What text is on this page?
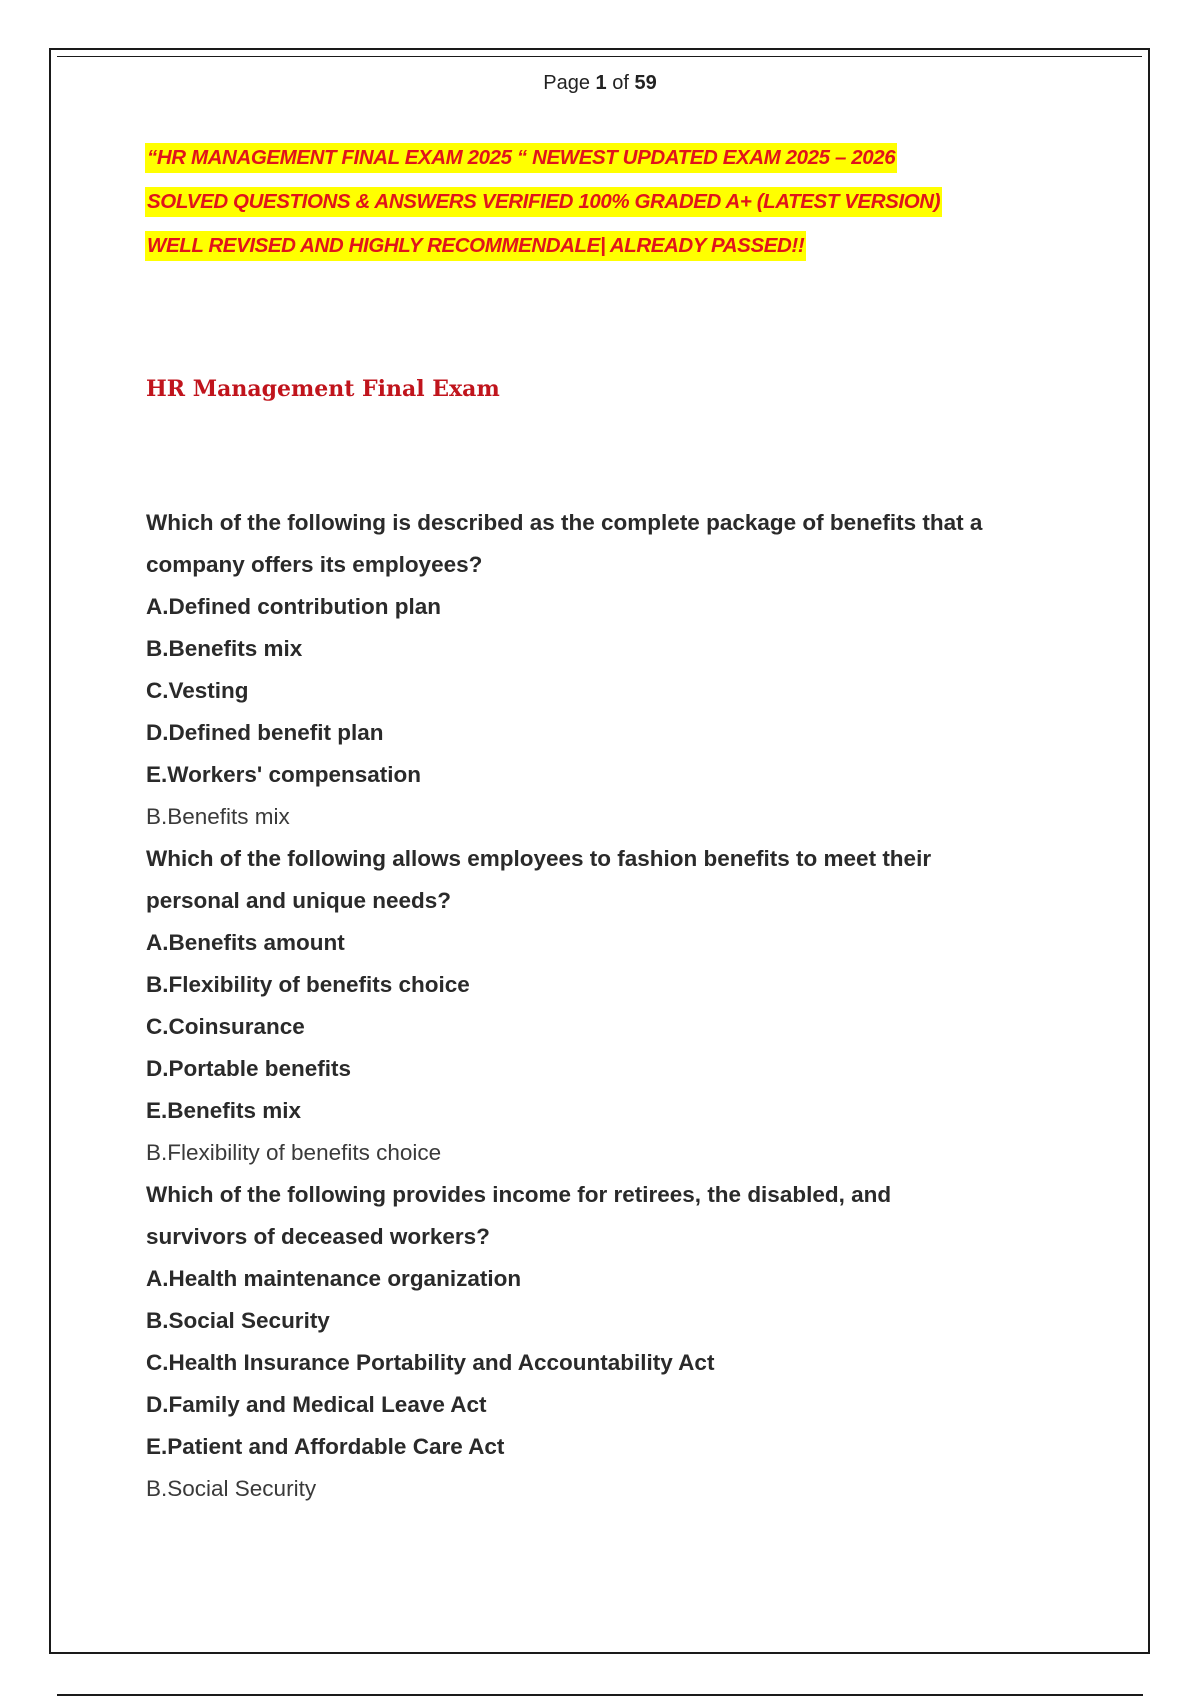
Page 1 of 59
“HR MANAGEMENT FINAL EXAM 2025 “ NEWEST UPDATED EXAM 2025 – 2026
SOLVED QUESTIONS & ANSWERS VERIFIED 100% GRADED A+ (LATEST VERSION)
WELL REVISED AND HIGHLY RECOMMENDALE| ALREADY PASSED!!
HR Management Final Exam
Which of the following is described as the complete package of benefits that a
company offers its employees?
A.Defined contribution plan
B.Benefits mix
C.Vesting
D.Defined benefit plan
E.Workers' compensation
B.Benefits mix
Which of the following allows employees to fashion benefits to meet their
personal and unique needs?
A.Benefits amount
B.Flexibility of benefits choice
C.Coinsurance
D.Portable benefits
E.Benefits mix
B.Flexibility of benefits choice
Which of the following provides income for retirees, the disabled, and
survivors of deceased workers?
A.Health maintenance organization
B.Social Security
C.Health Insurance Portability and Accountability Act
D.Family and Medical Leave Act
E.Patient and Affordable Care Act
B.Social Security
